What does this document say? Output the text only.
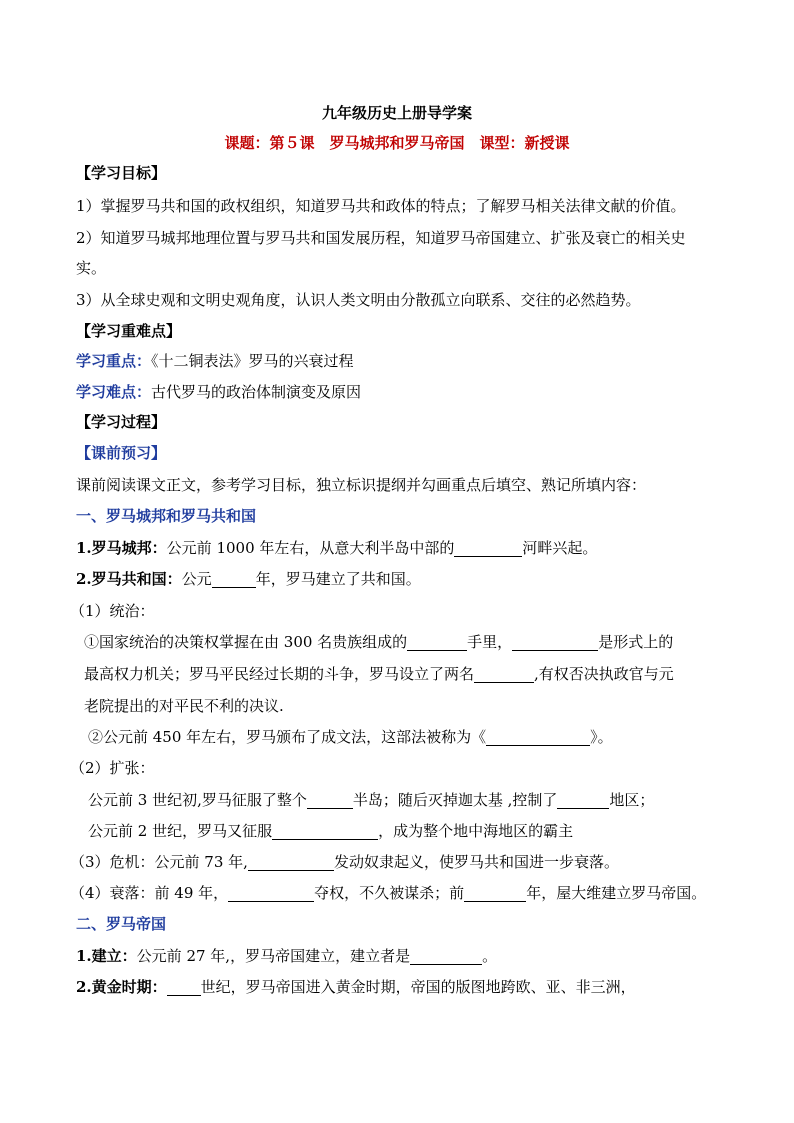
九年级历史上册导学案
课题：第５课　罗马城邦和罗马帝国　课型：新授课
【学习目标】
1）掌握罗马共和国的政权组织，知道罗马共和政体的特点；了解罗马相关法律文献的价值。
2）知道罗马城邦地理位置与罗马共和国发展历程，知道罗马帝国建立、扩张及衰亡的相关史
实。
3）从全球史观和文明史观角度，认识人类文明由分散孤立向联系、交往的必然趋势。
【学习重难点】
学习重点：《十二铜表法》罗马的兴衰过程
学习难点：古代罗马的政治体制演变及原因
【学习过程】
【课前预习】
课前阅读课文正文，参考学习目标，独立标识提纲并勾画重点后填空、熟记所填内容：
一、罗马城邦和罗马共和国
1.罗马城邦：公元前 1000 年左右，从意大利半岛中部的	河畔兴起。
2.罗马共和国：公元	年，罗马建立了共和国。
（1）统治：
①国家统治的决策权掌握在由 300 名贵族组成的	手里，	是形式上的
最高权力机关；罗马平民经过长期的斗争，罗马设立了两名	,有权否决执政官与元
老院提出的对平民不利的决议.
②公元前 450 年左右，罗马颁布了成文法，这部法被称为《	》。
（2）扩张：
公元前 3 世纪初,罗马征服了整个	半岛；随后灭掉迦太基 ,控制了	地区；
公元前 2 世纪，罗马又征服	，成为整个地中海地区的霸主
（3）危机：公元前 73 年,	发动奴隶起义，使罗马共和国进一步衰落。
（4）衰落：前 49 年，	夺权，不久被谋杀；前	年，屋大维建立罗马帝国。
二、罗马帝国
1.建立：公元前 27 年,，罗马帝国建立，建立者是	。
2.黄金时期： 世纪，罗马帝国进入黄金时期，帝国的版图地跨欧、亚、非三洲，
